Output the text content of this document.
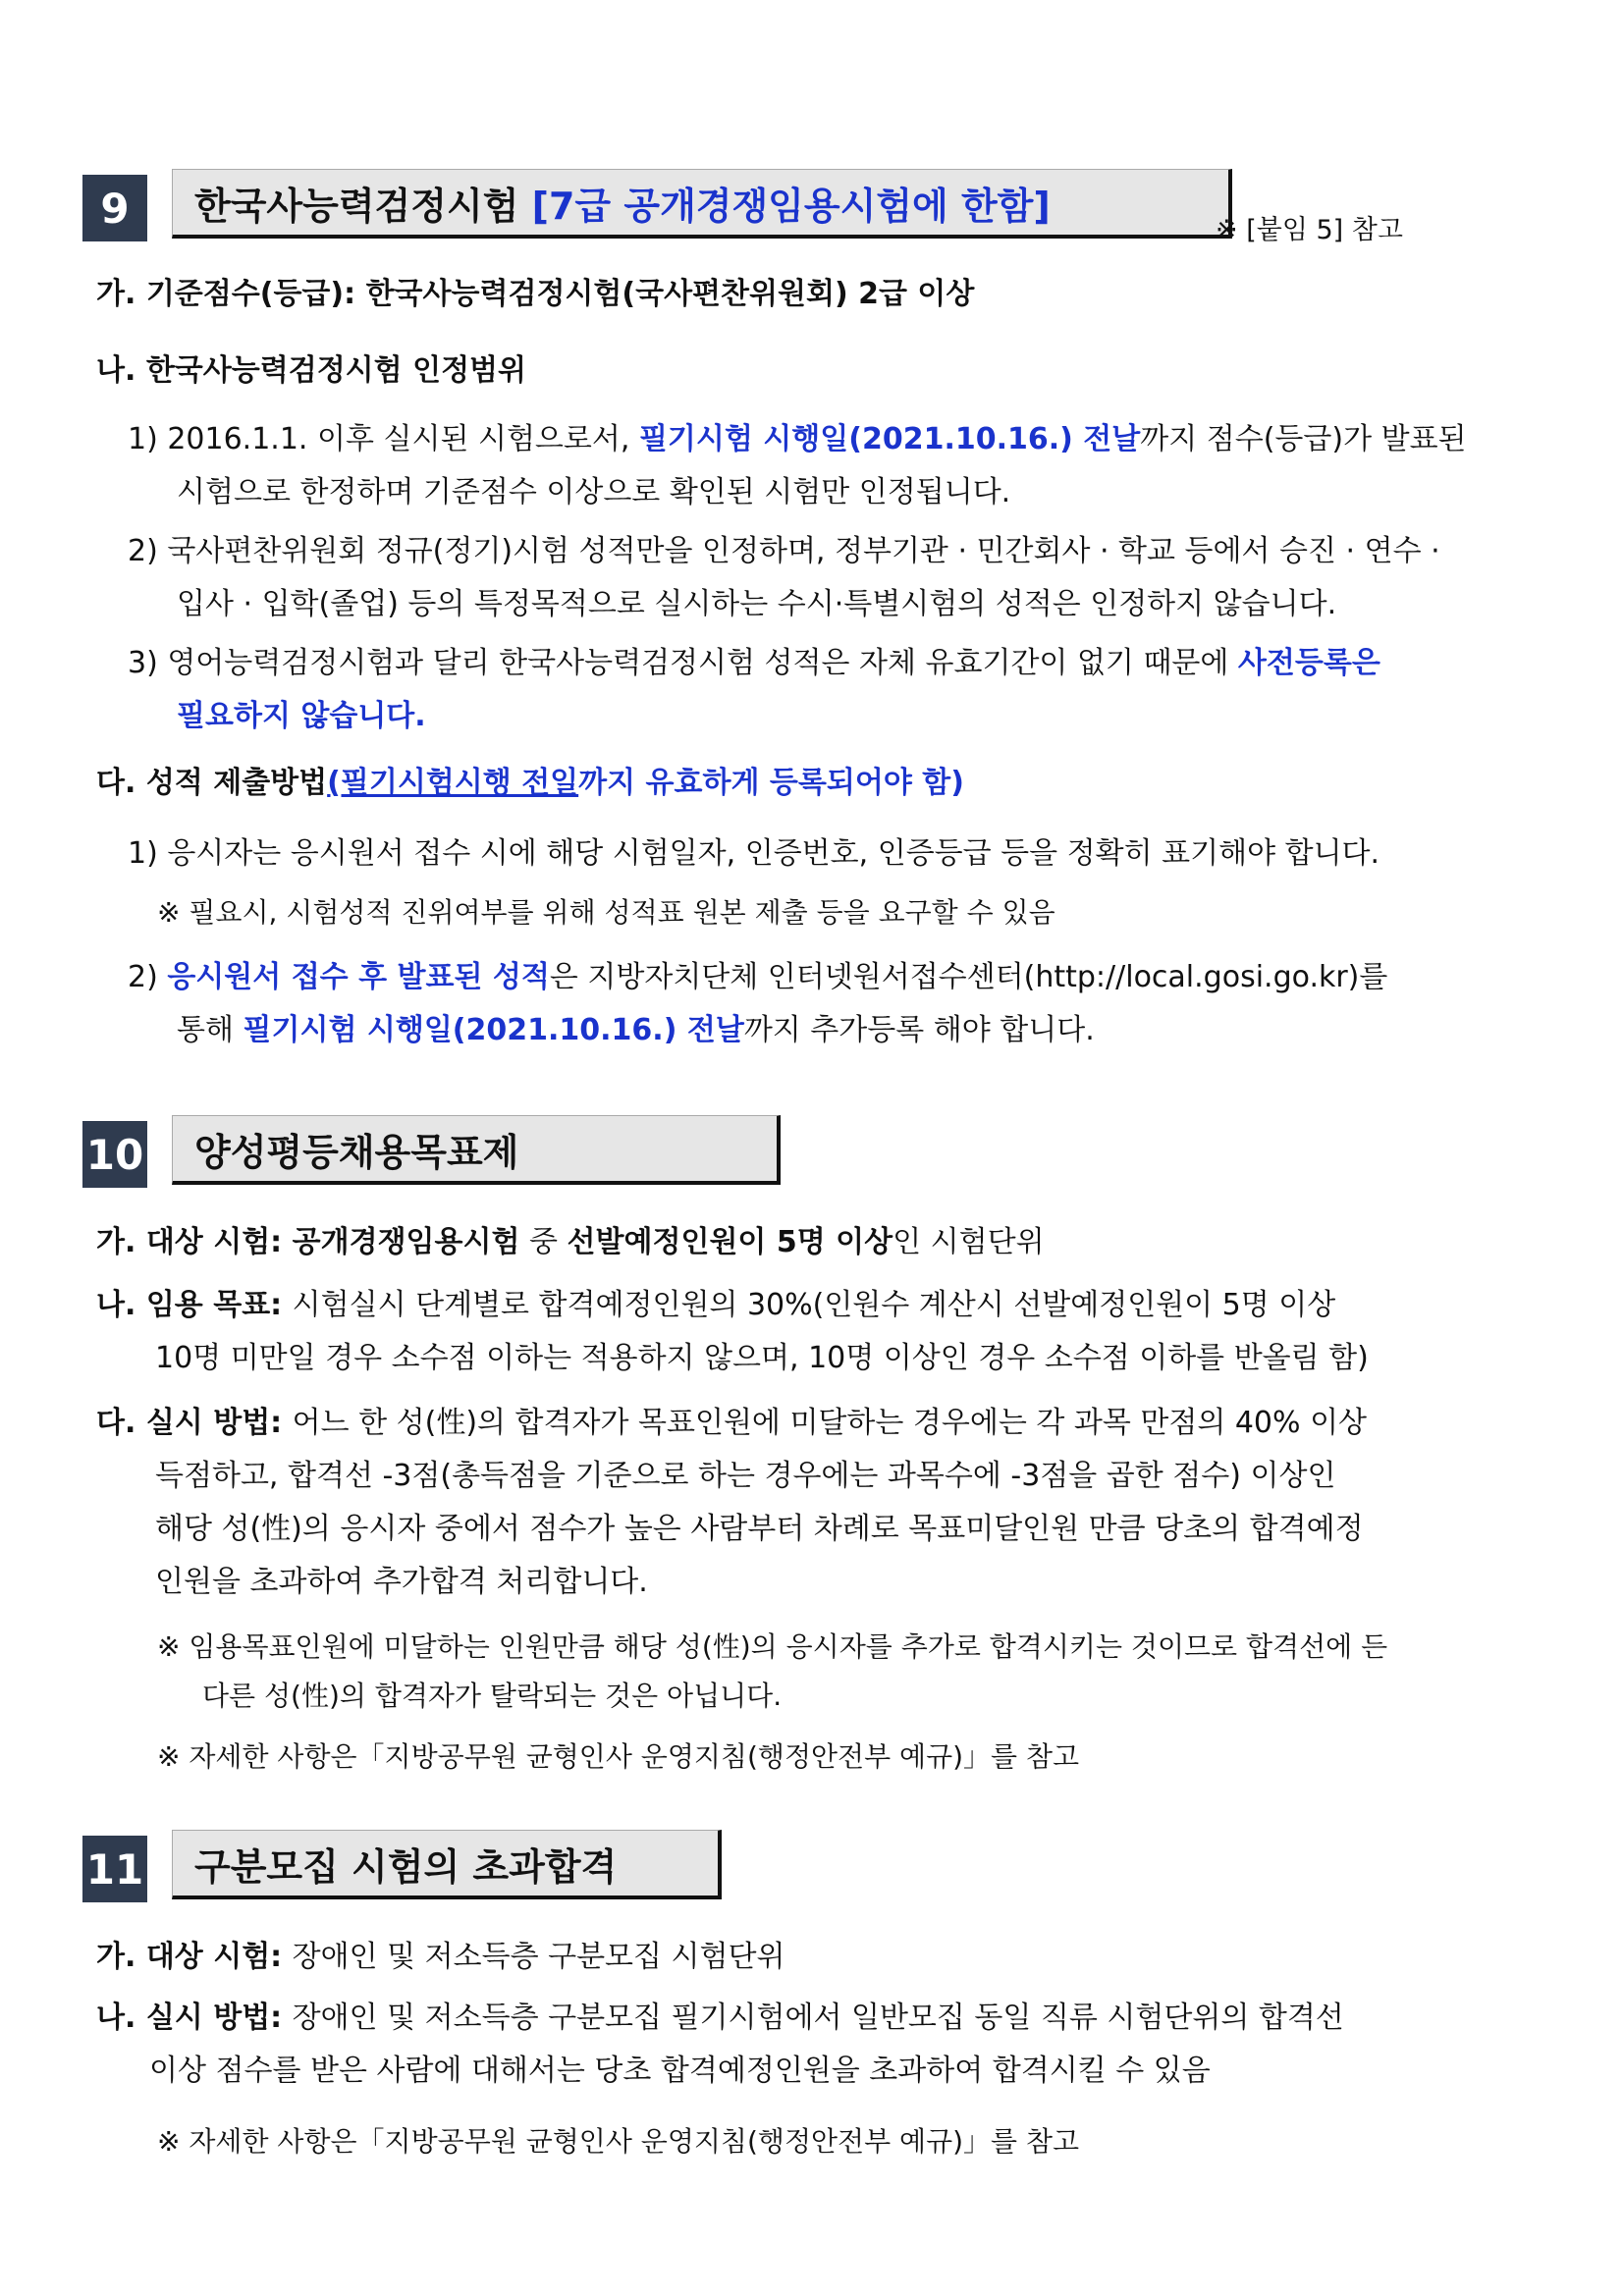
9	한국사능력검정시험
[7급 공개경쟁임용시험에 한함]
※ [붙임 5] 참고
가. 기준점수(등급): 한국사능력검정시험(국사편찬위원회) 2급 이상
나. 한국사능력검정시험 인정범위
1) 2016.1.1. 이후 실시된 시험으로서, 필기시험 시행일(2021.10.16.) 전날까지 점수(등급)가 발표된
시험으로 한정하며 기준점수 이상으로 확인된 시험만 인정됩니다.
2) 국사편찬위원회 정규(정기)시험 성적만을 인정하며, 정부기관 · 민간회사 · 학교 등에서 승진 · 연수 ·
입사 · 입학(졸업) 등의 특정목적으로 실시하는 수시·특별시험의 성적은 인정하지 않습니다.
3) 영어능력검정시험과 달리 한국사능력검정시험 성적은 자체 유효기간이 없기 때문에 사전등록은
필요하지 않습니다.
다. 성적 제출방법(필기시험시행 전일까지 유효하게 등록되어야 함)
1) 응시자는 응시원서 접수 시에 해당 시험일자, 인증번호, 인증등급 등을 정확히 표기해야 합니다.
※ 필요시, 시험성적 진위여부를 위해 성적표 원본 제출 등을 요구할 수 있음
2) 응시원서 접수 후 발표된 성적은 지방자치단체 인터넷원서접수센터(http://local.gosi.go.kr)를
통해 필기시험 시행일(2021.10.16.) 전날까지 추가등록 해야 합니다.
10	양성평등채용목표제
가. 대상 시험: 공개경쟁임용시험 중 선발예정인원이 5명 이상인 시험단위
나. 임용 목표: 시험실시 단계별로 합격예정인원의 30%(인원수 계산시 선발예정인원이 5명 이상
10명 미만일 경우 소수점 이하는 적용하지 않으며, 10명 이상인 경우 소수점 이하를 반올림 함)
다. 실시 방법: 어느 한 성(性)의 합격자가 목표인원에 미달하는 경우에는 각 과목 만점의 40% 이상
득점하고, 합격선 -3점(총득점을 기준으로 하는 경우에는 과목수에 -3점을 곱한 점수) 이상인
해당 성(性)의 응시자 중에서 점수가 높은 사람부터 차례로 목표미달인원 만큼 당초의 합격예정
인원을 초과하여 추가합격 처리합니다.
※ 임용목표인원에 미달하는 인원만큼 해당 성(性)의 응시자를 추가로 합격시키는 것이므로 합격선에 든
다른 성(性)의 합격자가 탈락되는 것은 아닙니다.
※ 자세한 사항은「지방공무원 균형인사 운영지침(행정안전부 예규)」를 참고
11	구분모집 시험의 초과합격
가. 대상 시험: 장애인 및 저소득층 구분모집 시험단위
나. 실시 방법: 장애인 및 저소득층 구분모집 필기시험에서 일반모집 동일 직류 시험단위의 합격선
이상 점수를 받은 사람에 대해서는 당초 합격예정인원을 초과하여 합격시킬 수 있음
※ 자세한 사항은「지방공무원 균형인사 운영지침(행정안전부 예규)」를 참고
